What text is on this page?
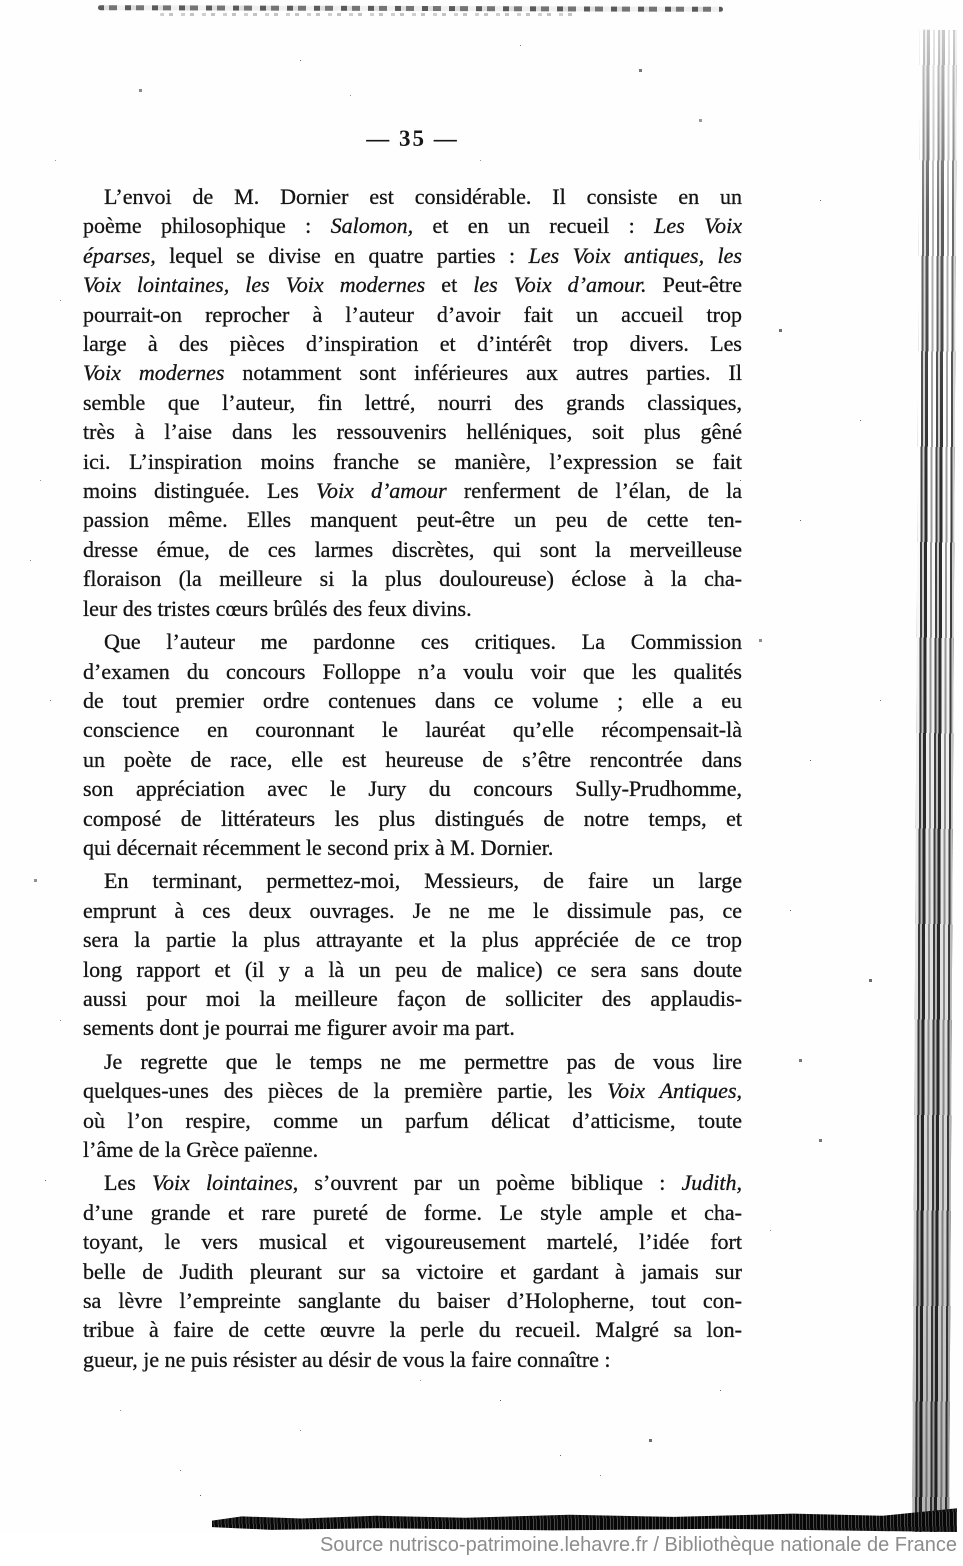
— 35 —
L’envoi de M. Dornier est considérable. Il consiste en un
poème philosophique : Salomon, et en un recueil : Les Voix
éparses, lequel se divise en quatre parties : Les Voix antiques, les
Voix lointaines, les Voix modernes et les Voix d’amour. Peut-être
pourrait-on reprocher à l’auteur d’avoir fait un accueil trop
large à des pièces d’inspiration et d’intérêt trop divers. Les
Voix modernes notamment sont inférieures aux autres parties. Il
semble que l’auteur, fin lettré, nourri des grands classiques,
très à l’aise dans les ressouvenirs helléniques, soit plus gêné
ici. L’inspiration moins franche se manière, l’expression se fait
moins distinguée. Les Voix d’amour renferment de l’élan, de la
passion même. Elles manquent peut-être un peu de cette ten-
dresse émue, de ces larmes discrètes, qui sont la merveilleuse
floraison (la meilleure si la plus douloureuse) éclose à la cha-
leur des tristes cœurs brûlés des feux divins.
Que l’auteur me pardonne ces critiques. La Commission
d’examen du concours Folloppe n’a voulu voir que les qualités
de tout premier ordre contenues dans ce volume ; elle a eu
conscience en couronnant le lauréat qu’elle récompensait-là
un poète de race, elle est heureuse de s’être rencontrée dans
son appréciation avec le Jury du concours Sully-Prudhomme,
composé de littérateurs les plus distingués de notre temps, et
qui décernait récemment le second prix à M. Dornier.
En terminant, permettez-moi, Messieurs, de faire un large
emprunt à ces deux ouvrages. Je ne me le dissimule pas, ce
sera la partie la plus attrayante et la plus appréciée de ce trop
long rapport et (il y a là un peu de malice) ce sera sans doute
aussi pour moi la meilleure façon de solliciter des applaudis-
sements dont je pourrai me figurer avoir ma part.
Je regrette que le temps ne me permettre pas de vous lire
quelques-unes des pièces de la première partie, les Voix Antiques,
où l’on respire, comme un parfum délicat d’atticisme, toute
l’âme de la Grèce païenne.
Les Voix lointaines, s’ouvrent par un poème biblique : Judith,
d’une grande et rare pureté de forme. Le style ample et cha-
toyant, le vers musical et vigoureusement martelé, l’idée fort
belle de Judith pleurant sur sa victoire et gardant à jamais sur
sa lèvre l’empreinte sanglante du baiser d’Holopherne, tout con-
tribue à faire de cette œuvre la perle du recueil. Malgré sa lon-
gueur, je ne puis résister au désir de vous la faire connaître :
Source nutrisco-patrimoine.lehavre.fr / Bibliothèque nationale de France
